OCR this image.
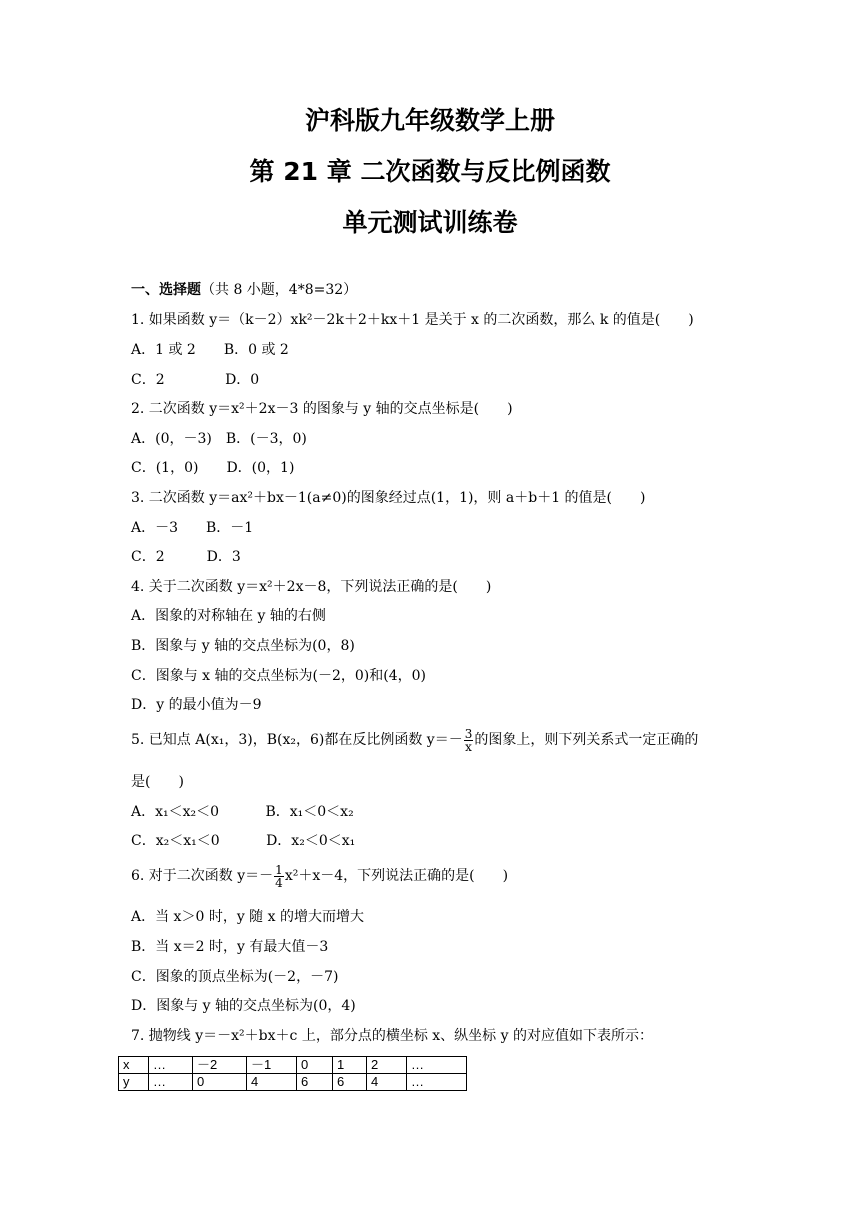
沪科版九年级数学上册
第 21 章 二次函数与反比例函数
单元测试训练卷
一、选择题（共 8 小题，4*8=32）
1. 如果函数 y＝（k－2）xk²－2k＋2＋kx＋1 是关于 x 的二次函数，那么 k 的值是(　　)
A．1 或 2　　B．0 或 2
C．2　　　　 D．0
2. 二次函数 y＝x²＋2x－3 的图象与 y 轴的交点坐标是(　　)
A．(0，－3)　B．(－3，0)
C．(1，0)　　D．(0，1)
3. 二次函数 y＝ax²＋bx－1(a≠0)的图象经过点(1，1)，则 a＋b＋1 的值是(　　)
A．－3　　B．－1
C．2　　　D．3
4. 关于二次函数 y＝x²＋2x－8，下列说法正确的是(　　)
A．图象的对称轴在 y 轴的右侧
B．图象与 y 轴的交点坐标为(0，8)
C．图象与 x 轴的交点坐标为(－2，0)和(4，0)
D．y 的最小值为－9
5. 已知点 A(x₁，3)，B(x₂，6)都在反比例函数 $y=- \frac{3}{x}$ 的图象上，则下列关系式一定正确的
是(　　)
A．x₁＜x₂＜0　　　 B．x₁＜0＜x₂
C．x₂＜x₁＜0　　　 D．x₂＜0＜x₁
6. 对于二次函数 $y=- \frac{1}{4} x^2+x-4$，下列说法正确的是(　　)
A．当 x＞0 时，y 随 x 的增大而增大
B．当 x＝2 时，y 有最大值－3
C．图象的顶点坐标为(－2，－7)
D．图象与 y 轴的交点坐标为(0，4)
7. 抛物线 y＝－x²＋bx＋c 上，部分点的横坐标 x、纵坐标 y 的对应值如下表所示：
x	…	－2	－1	0	1	2	…
y	…	0	4	6	6	4	…
